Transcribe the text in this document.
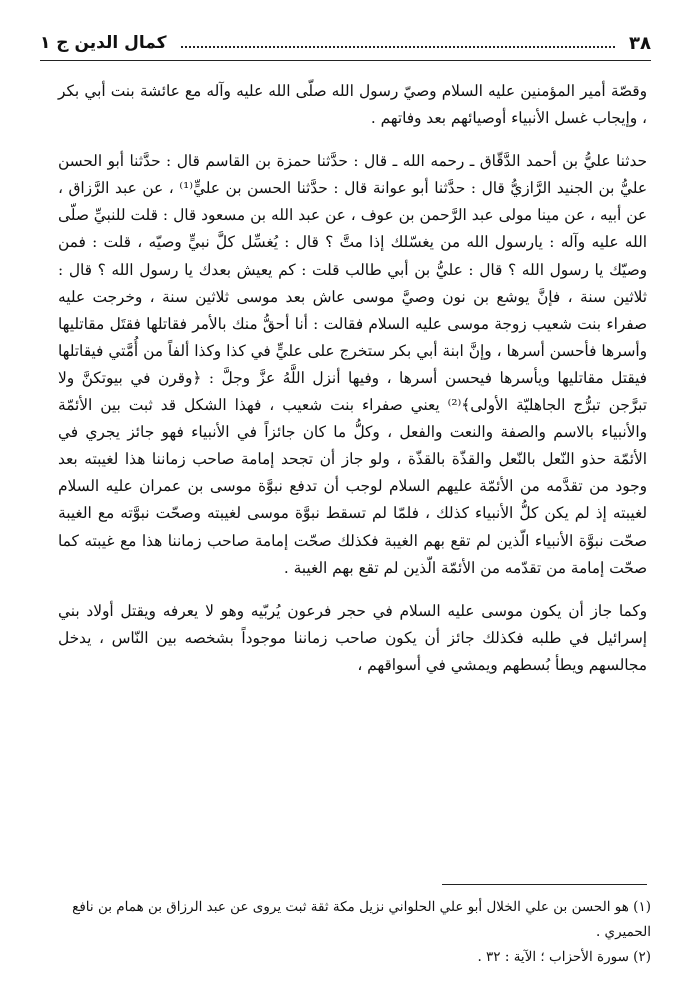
٣٨
كمال الدين ج ١

وقصّة أمير المؤمنين عليه السلام وصيّ رسول الله صلّى الله عليه وآله مع عائشة بنت أبي بكر ، وإيجاب غسل الأنبياء أوصيائهم بعد وفاتهم .

حدثنا عليُّ بن أحمد الدَّقّاق ـ رحمه الله ـ قال : حدَّثنا حمزة بن القاسم قال : حدَّثنا أبو الحسن عليُّ بن الجنيد الرَّازيُّ قال : حدَّثنا أبو عوانة قال : حدَّثنا الحسن بن عليٍّ⁽¹⁾ ، عن عبد الرَّزاق ، عن أبيه ، عن مينا مولى عبد الرَّحمن بن عوف ، عن عبد الله بن مسعود قال : قلت للنبيِّ صلّى الله عليه وآله : يارسول الله من يغسّلك إذا متَّ ؟ قال : يُغسِّل كلَّ نبيٍّ وصيّه ، قلت : فمن وصيّك يا رسول الله ؟ قال : عليُّ بن أبي طالب قلت : كم يعيش بعدك يا رسول الله ؟ قال : ثلاثين سنة ، فإنَّ يوشع بن نون وصيَّ موسى عاش بعد موسى ثلاثين سنة ، وخرجت عليه صفراء بنت شعيب زوجة موسى عليه السلام فقالت : أنا أحقُّ منك بالأمر فقاتلها فقتَل مقاتليها وأسرها فأحسن أسرها ، وإنَّ ابنة أبي بكر ستخرج على عليٍّ في كذا وكذا ألفاً من أُمَّتي فيقاتلها فيقتل مقاتليها ويأسرها فيحسن أسرها ، وفيها أنزل اللَّهُ عزَّ وجلَّ : ﴿وقرن في بيوتكنَّ ولا تبرَّجن تبرُّج الجاهليّة الأولى﴾⁽²⁾ يعني صفراء بنت شعيب ، فهذا الشكل قد ثبت بين الأئمّة والأنبياء بالاسم والصفة والنعت والفعل ، وكلُّ ما كان جائزاً في الأنبياء فهو جائز يجري في الأئمّة حذو النّعل بالنّعل والقذّة بالقذّة ، ولو جاز أن تجحد إمامة صاحب زماننا هذا لغيبته بعد وجود من تقدَّمه من الأئمّة عليهم السلام لوجب أن تدفع نبوَّة موسى بن عمران عليه السلام لغيبته إذ لم يكن كلُّ الأنبياء كذلك ، فلمّا لم تسقط نبوَّة موسى لغيبته وصحّت نبوَّته مع الغيبة صحّت نبوَّة الأنبياء الّذين لم تقع بهم الغيبة فكذلك صحّت إمامة صاحب زماننا هذا مع غيبته كما صحّت إمامة من تقدّمه من الأئمّة الّذين لم تقع بهم الغيبة .

وكما جاز أن يكون موسى عليه السلام في حجر فرعون يُربّيه وهو لا يعرفه ويقتل أولاد بني إسرائيل في طلبه فكذلك جائز أن يكون صاحب زماننا موجوداً بشخصه بين النّاس ، يدخل مجالسهم ويطأ بُسطهم ويمشي في أسواقهم ،

(١) هو الحسن بن علي الخلال أبو علي الحلواني نزيل مكة ثقة ثبت يروى عن عبد الرزاق بن همام بن نافع الحميري .

(٢) سورة الأحزاب ؛ الآية : ٣٢ .
